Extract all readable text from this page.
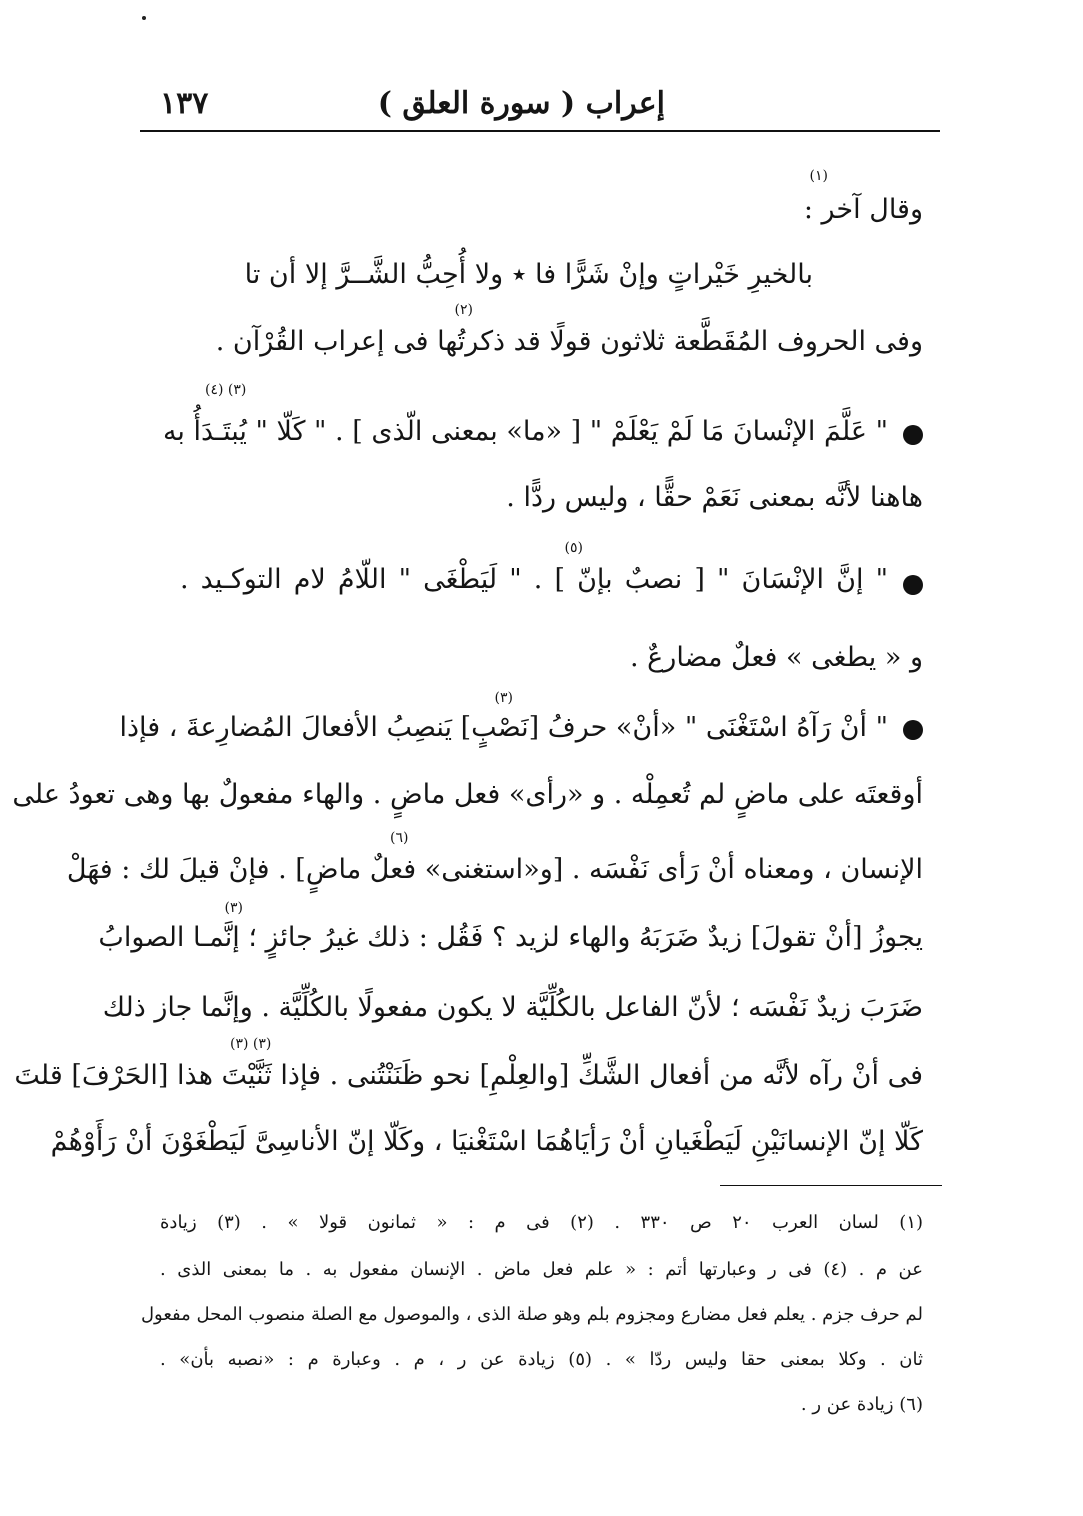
إعراب ( سورة العلق )
١٣٧
(١)
وقال آخر :
بالخيرِ خَيْراتٍ وإنْ شَرًّا فا ٭ ولا أُحِبُّ الشَّــرَّ إلا أن تا
(٢)
وفى الحروف المُقَطَّعة ثلاثون قولًا قد ذكرتُها فى إعراب القُرْآن .
(٣) (٤)
" عَلَّمَ الإنْسانَ مَا لَمْ يَعْلَمْ " [ «ما» بمعنى الّذى ] . " كَلّا " يُبتَـدَأُ به
هاهنا لأنَّه بمعنى نَعَمْ حقًّا ، وليس ردًّا .
(٥)
" إنَّ الإنْسَانَ " [ نصبٌ بإنّ ] . " لَيَطْغَى " اللّامُ لام التوكـيد .
و « يطغى » فعلٌ مضارعٌ .
(٣)
" أنْ رَآهُ اسْتَغْنَى " «أنْ» حرفُ [نَصْبٍ] يَنصِبُ الأفعالَ المُضارِعةَ ، فإذا
أوقعتَه على ماضٍ لم تُعمِلْه . و «رأى» فعل ماضٍ . والهاء مفعولٌ بها وهى تعودُ على
(٦)
الإنسان ، ومعناه أنْ رَأى نَفْسَه . [و«استغنى» فعلٌ ماضٍ] . فإنْ قيلَ لك : فهَلْ
(٣)
يجوزُ [أنْ تقولَ] زيدٌ ضَرَبَهُ والهاء لزيد ؟ فَقُل : ذلك غيرُ جائزٍ ؛ إنَّمـا الصوابُ
ضَرَبَ زيدٌ نَفْسَه ؛ لأنّ الفاعل بالكُلِّيَّة لا يكون مفعولًا بالكُلِّيَّة . وإنَّما جاز ذلك
(٣) (٣)
فى أنْ رآه لأنَّه من أفعال الشَّكِّ [والعِلْمِ] نحو ظَنَنْتُنى . فإذا ثَنَّيْتَ هذا [الحَرْفَ] قلتَ
كَلّا إنّ الإنسانَيْنِ لَيَطْغَيانِ أنْ رَأيَاهُمَا اسْتَغْنيَا ، وكَلّا إنّ الأناسِىَّ لَيَطْغَوْنَ أنْ رَأَوْهُمْ
(١) لسان العرب ٢٠ ص ٣٣٠ . (٢) فى م : « ثمانون قولا » . (٣) زيادة
عن م . (٤) فى ر وعبارتها أتم : « علم فعل ماض . الإنسان مفعول به . ما بمعنى الذى .
لم حرف جزم . يعلم فعل مضارع ومجزوم بلم وهو صلة الذى ، والموصول مع الصلة منصوب المحل مفعول
ثان . وكلا بمعنى حقا وليس ردّا » . (٥) زيادة عن ر ، م . وعبارة م : «نصبه بأن» .
(٦) زيادة عن ر .
